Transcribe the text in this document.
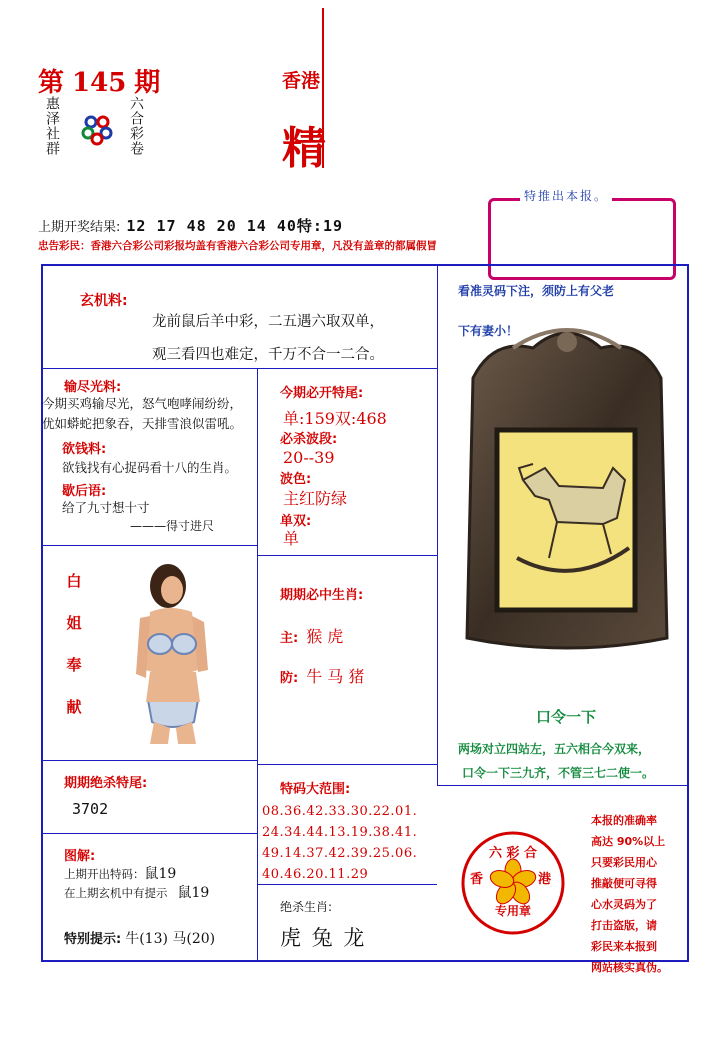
第 145 期
惠泽社群	六合彩卷
香港
精
上期开奖结果: 12 17 48 20 14 40特:19
忠告彩民：香港六合彩公司彩报均盖有香港六合彩公司专用章，凡没有盖章的都属假冒
特推出本报。
玄机料:
龙前鼠后羊中彩，二五遇六取双单，
观三看四也难定，千万不合一二合。
输尽光料:
今期买鸡输尽光，怒气咆哮闹纷纷，
优如蟒蛇把象吞，天排雪浪似雷吼。
欲钱料:
欲钱找有心捉码看十八的生肖。
歇后语:
给了九寸想十寸
———得寸进尺
白
姐
奉
献
今期必开特尾:
单:159双:468
必杀波段:
20--39
波色:
主红防绿
单双:
单
期期必中生肖:
主: 猴 虎
防: 牛 马 猪
期期绝杀特尾:
3702
图解:
上期开出特码：鼠19
在上期玄机中有提示 鼠19
特别提示: 牛(13) 马(20)
特码大范围:
08.36.42.33.30.22.01.
24.34.44.13.19.38.41.
49.14.37.42.39.25.06.
40.46.20.11.29
绝杀生肖:
虎 兔 龙
看准灵码下注，须防上有父老
下有妻小！
口令一下
两场对立四站左，五六相合今双来，
口令一下三九齐，不管三七二使一。
六 彩 合
香	港
专用章
本报的准确率
高达 90%以上
只要彩民用心
推敲便可寻得
心水灵码为了
打击盗版，请
彩民来本报到
网站核实真伪。
